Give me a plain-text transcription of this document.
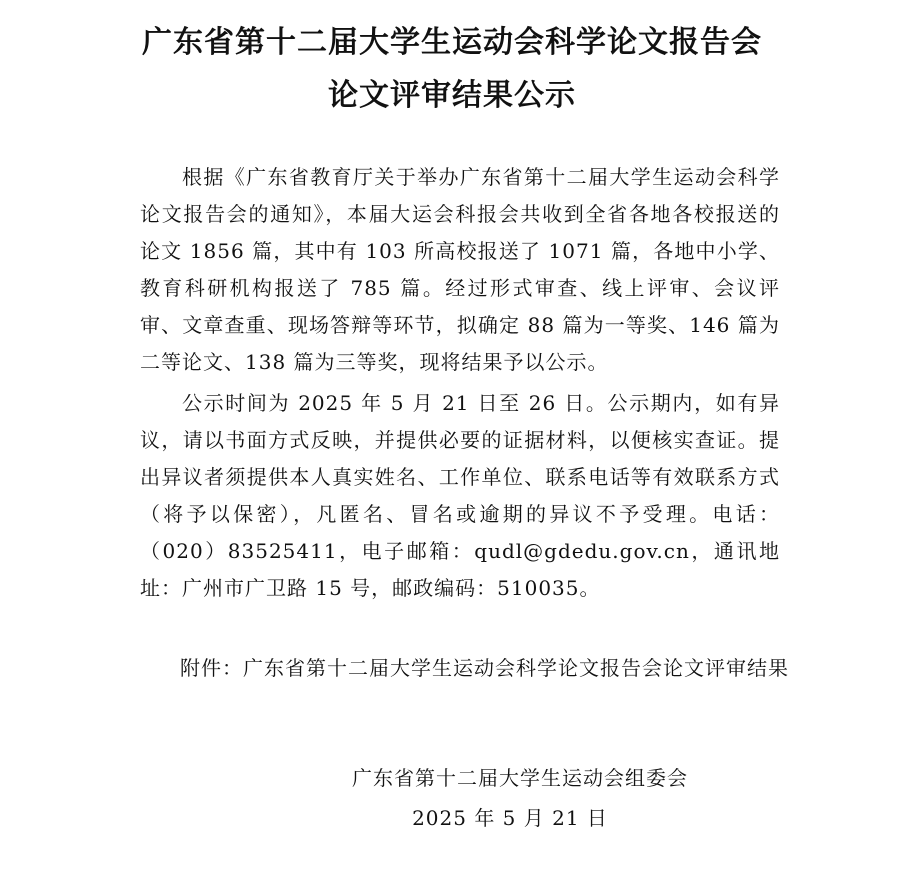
广东省第十二届大学生运动会科学论文报告会
论文评审结果公示

根据《广东省教育厅关于举办广东省第十二届大学生运动会科学论文报告会的通知》，本届大运会科报会共收到全省各地各校报送的论文 1856 篇，其中有 103 所高校报送了 1071 篇，各地中小学、教育科研机构报送了 785 篇。经过形式审查、线上评审、会议评审、文章查重、现场答辩等环节，拟确定 88 篇为一等奖、146 篇为二等论文、138 篇为三等奖，现将结果予以公示。

公示时间为 2025 年 5 月 21 日至 26 日。公示期内，如有异议，请以书面方式反映，并提供必要的证据材料，以便核实查证。提出异议者须提供本人真实姓名、工作单位、联系电话等有效联系方式（将予以保密），凡匿名、冒名或逾期的异议不予受理。电话：（020）83525411，电子邮箱：qudl@gdedu.gov.cn，通讯地址：广州市广卫路 15 号，邮政编码：510035。

附件：广东省第十二届大学生运动会科学论文报告会论文评审结果

广东省第十二届大学生运动会组委会

2025 年 5 月 21 日
